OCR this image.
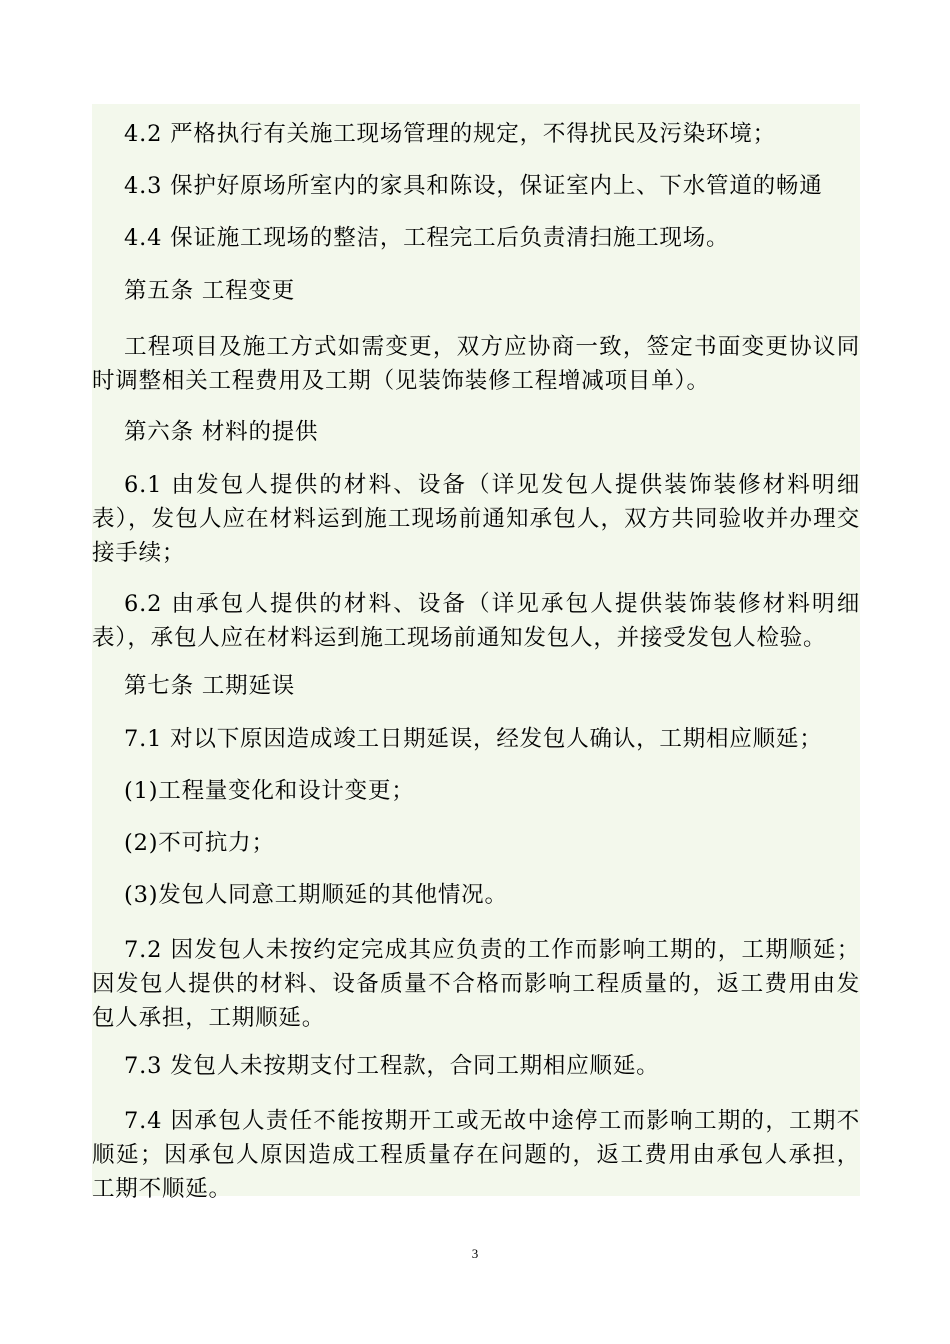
4.2 严格执行有关施工现场管理的规定，不得扰民及污染环境；

4.3 保护好原场所室内的家具和陈设，保证室内上、下水管道的畅通

4.4 保证施工现场的整洁，工程完工后负责清扫施工现场。

第五条 工程变更

工程项目及施工方式如需变更，双方应协商一致，签定书面变更协议同时调整相关工程费用及工期（见装饰装修工程增减项目单）。

第六条 材料的提供

6.1 由发包人提供的材料、设备（详见发包人提供装饰装修材料明细表），发包人应在材料运到施工现场前通知承包人，双方共同验收并办理交接手续；

6.2 由承包人提供的材料、设备（详见承包人提供装饰装修材料明细表），承包人应在材料运到施工现场前通知发包人，并接受发包人检验。

第七条 工期延误

7.1 对以下原因造成竣工日期延误，经发包人确认，工期相应顺延；

(1)工程量变化和设计变更；

(2)不可抗力；

(3)发包人同意工期顺延的其他情况。

7.2 因发包人未按约定完成其应负责的工作而影响工期的，工期顺延；因发包人提供的材料、设备质量不合格而影响工程质量的，返工费用由发包人承担，工期顺延。

7.3 发包人未按期支付工程款，合同工期相应顺延。

7.4 因承包人责任不能按期开工或无故中途停工而影响工期的，工期不顺延；因承包人原因造成工程质量存在问题的，返工费用由承包人承担，工期不顺延。

3
